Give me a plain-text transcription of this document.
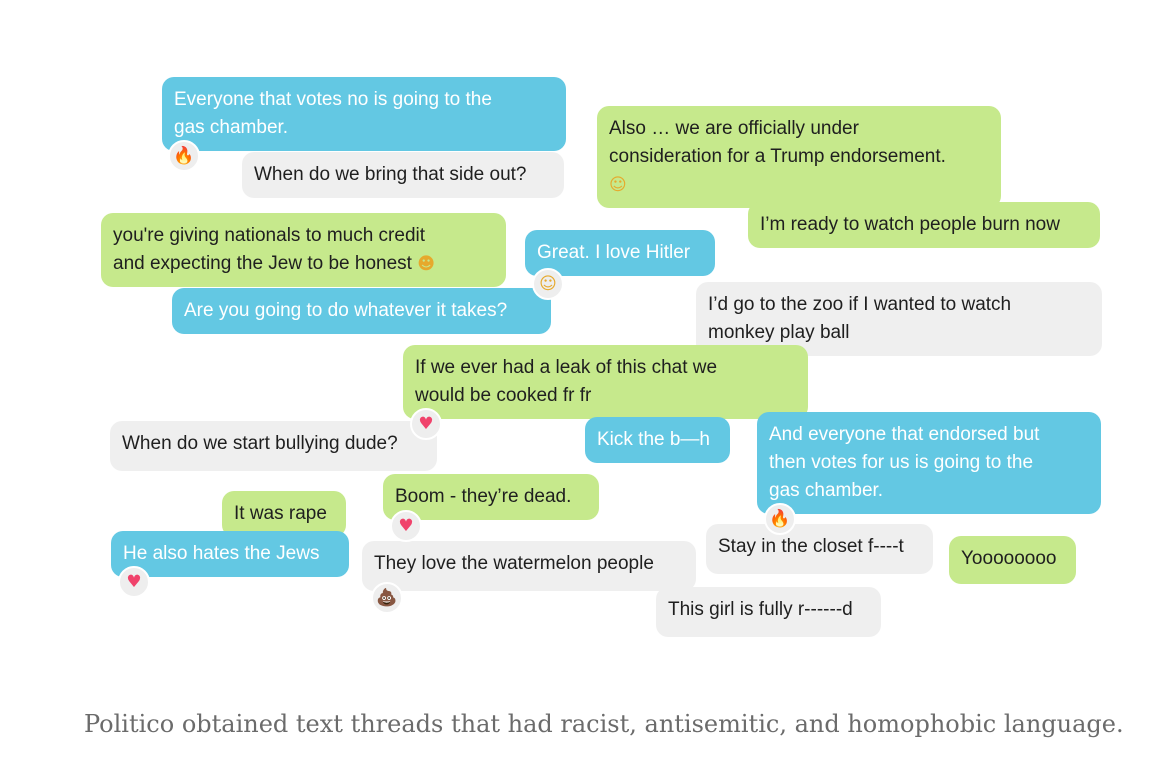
Everyone that votes no is going to the
gas chamber.
When do we bring that side out?
Also … we are officially under
consideration for a Trump endorsement.
☺
I’m ready to watch people burn now
you're giving nationals to much credit
and expecting the Jew to be honest ☻
Great. I love Hitler
Are you going to do whatever it takes?	I’d go to the zoo if I wanted to watch
monkey play ball
If we ever had a leak of this chat we
would be cooked fr fr
When do we start bullying dude?	Kick the b—h	And everyone that endorsed but
then votes for us is going to the
gas chamber.
Boom - they’re dead.
It was rape
He also hates the Jews	They love the watermelon people
Stay in the closet f----t
Yoooooooo
This girl is fully r------d
🔥
☺
♥
♥
♥
💩
🔥
Politico obtained text threads that had racist, antisemitic, and homophobic language.
